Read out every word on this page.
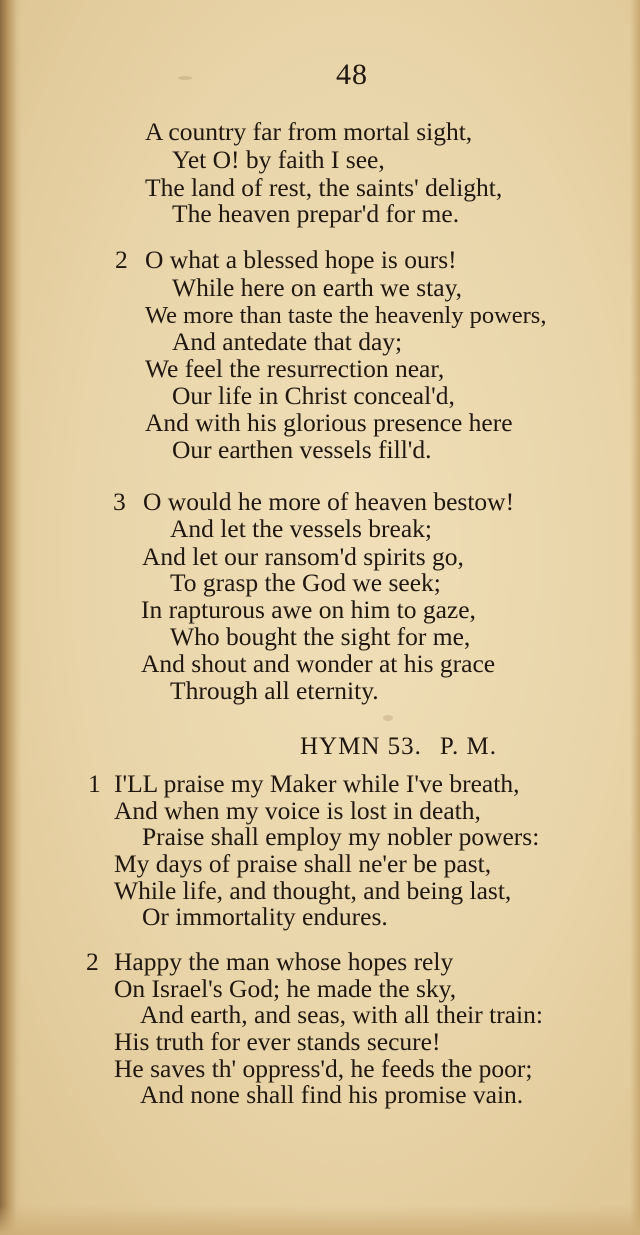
48
A country far from mortal sight,
Yet O! by faith I see,
The land of rest, the saints' delight,
The heaven prepar'd for me.
2 O what a blessed hope is ours!
While here on earth we stay,
We more than taste the heavenly powers,
And antedate that day;
We feel the resurrection near,
Our life in Christ conceal'd,
And with his glorious presence here
Our earthen vessels fill'd.
3 O would he more of heaven bestow!
And let the vessels break;
And let our ransom'd spirits go,
To grasp the God we seek;
In rapturous awe on him to gaze,
Who bought the sight for me,
And shout and wonder at his grace
Through all eternity.
HYMN 53. P. M.
1 I'LL praise my Maker while I've breath,
And when my voice is lost in death,
Praise shall employ my nobler powers:
My days of praise shall ne'er be past,
While life, and thought, and being last,
Or immortality endures.
2 Happy the man whose hopes rely
On Israel's God; he made the sky,
And earth, and seas, with all their train:
His truth for ever stands secure!
He saves th' oppress'd, he feeds the poor;
And none shall find his promise vain.
